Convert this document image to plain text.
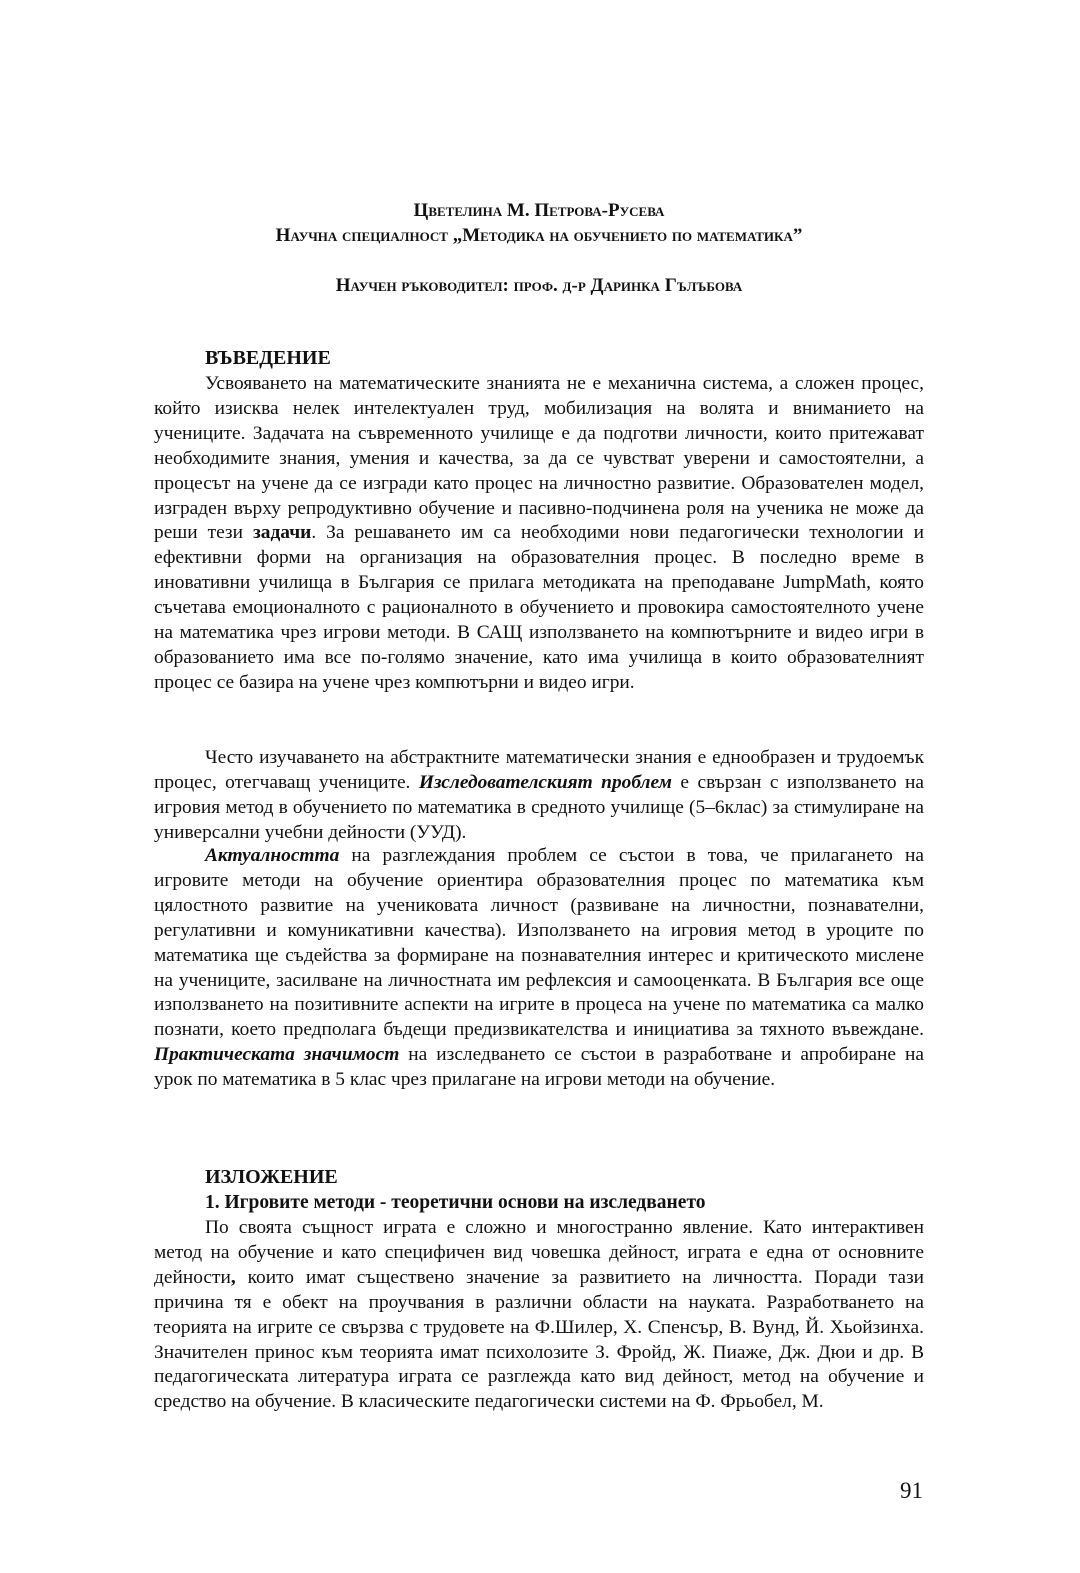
Цветелина М. Петрова-Русева

Научна специалност „Методика на обучението по математика”

Научен ръководител: проф. д-р Даринка Гълъбова

ВЪВЕДЕНИЕ

Усвояването на математическите знанията не е механична система, а сложен процес, който изисква нелек интелектуален труд, мобилизация на волята и вниманието на учениците. Задачата на съвременното училище е да подготви личности, които притежават необходимите знания, умения и качества, за да се чувстват уверени и самостоятелни, а процесът на учене да се изгради като процес на личностно развитие. Образователен модел, изграден върху репродуктивно обучение и пасивно-подчинена роля на ученика не може да реши тези задачи. За решаването им са необходими нови педагогически технологии и ефективни форми на организация на образователния процес. В последно време в иновативни училища в България се прилага методиката на преподаване JumpMath, която съчетава емоционалното с рационалното в обучението и провокира самостоятелното учене на математика чрез игрови методи. В САЩ използването на компютърните и видео игри в образованието има все по-голямо значение, като има училища в които образователният процес се базира на учене чрез компютърни и видео игри.

Често изучаването на абстрактните математически знания е еднообразен и трудоемък процес, отегчаващ учениците. Изследователският проблем е свързан с използването на игровия метод в обучението по математика в средното училище (5–6клас) за стимулиране на универсални учебни дейности (УУД).

Актуалността на разглеждания проблем се състои в това, че прилагането на игровите методи на обучение ориентира образователния процес по математика към цялостното развитие на учениковата личност (развиване на личностни, познавателни, регулативни и комуникативни качества). Използването на игровия метод в уроците по математика ще съдейства за формиране на познавателния интерес и критическото мислене на учениците, засилване на личностната им рефлексия и самооценката. В България все още използването на позитивните аспекти на игрите в процеса на учене по математика са малко познати, което предполага бъдещи предизвикателства и инициатива за тяхното въвеждане. Практическата значимост на изследването се състои в разработване и апробиране на урок по математика в 5 клас чрез прилагане на игрови методи на обучение.

ИЗЛОЖЕНИЕ
1. Игровите методи - теоретични основи на изследването

По своята същност играта е сложно и многостранно явление. Като интерактивен метод на обучение и като специфичен вид човешка дейност, играта е една от основните дейности, които имат съществено значение за развитието на личността. Поради тази причина тя е обект на проучвания в различни области на науката. Разработването на теорията на игрите се свързва с трудовете на Ф.Шилер, Х. Спенсър, В. Вунд, Й. Хьойзинха. Значителен принос към теорията имат психолозите З. Фройд, Ж. Пиаже, Дж. Дюи и др. В педагогическата литература играта се разглежда като вид дейност, метод на обучение и средство на обучение. В класическите педагогически системи на Ф. Фрьобел, М.

91
